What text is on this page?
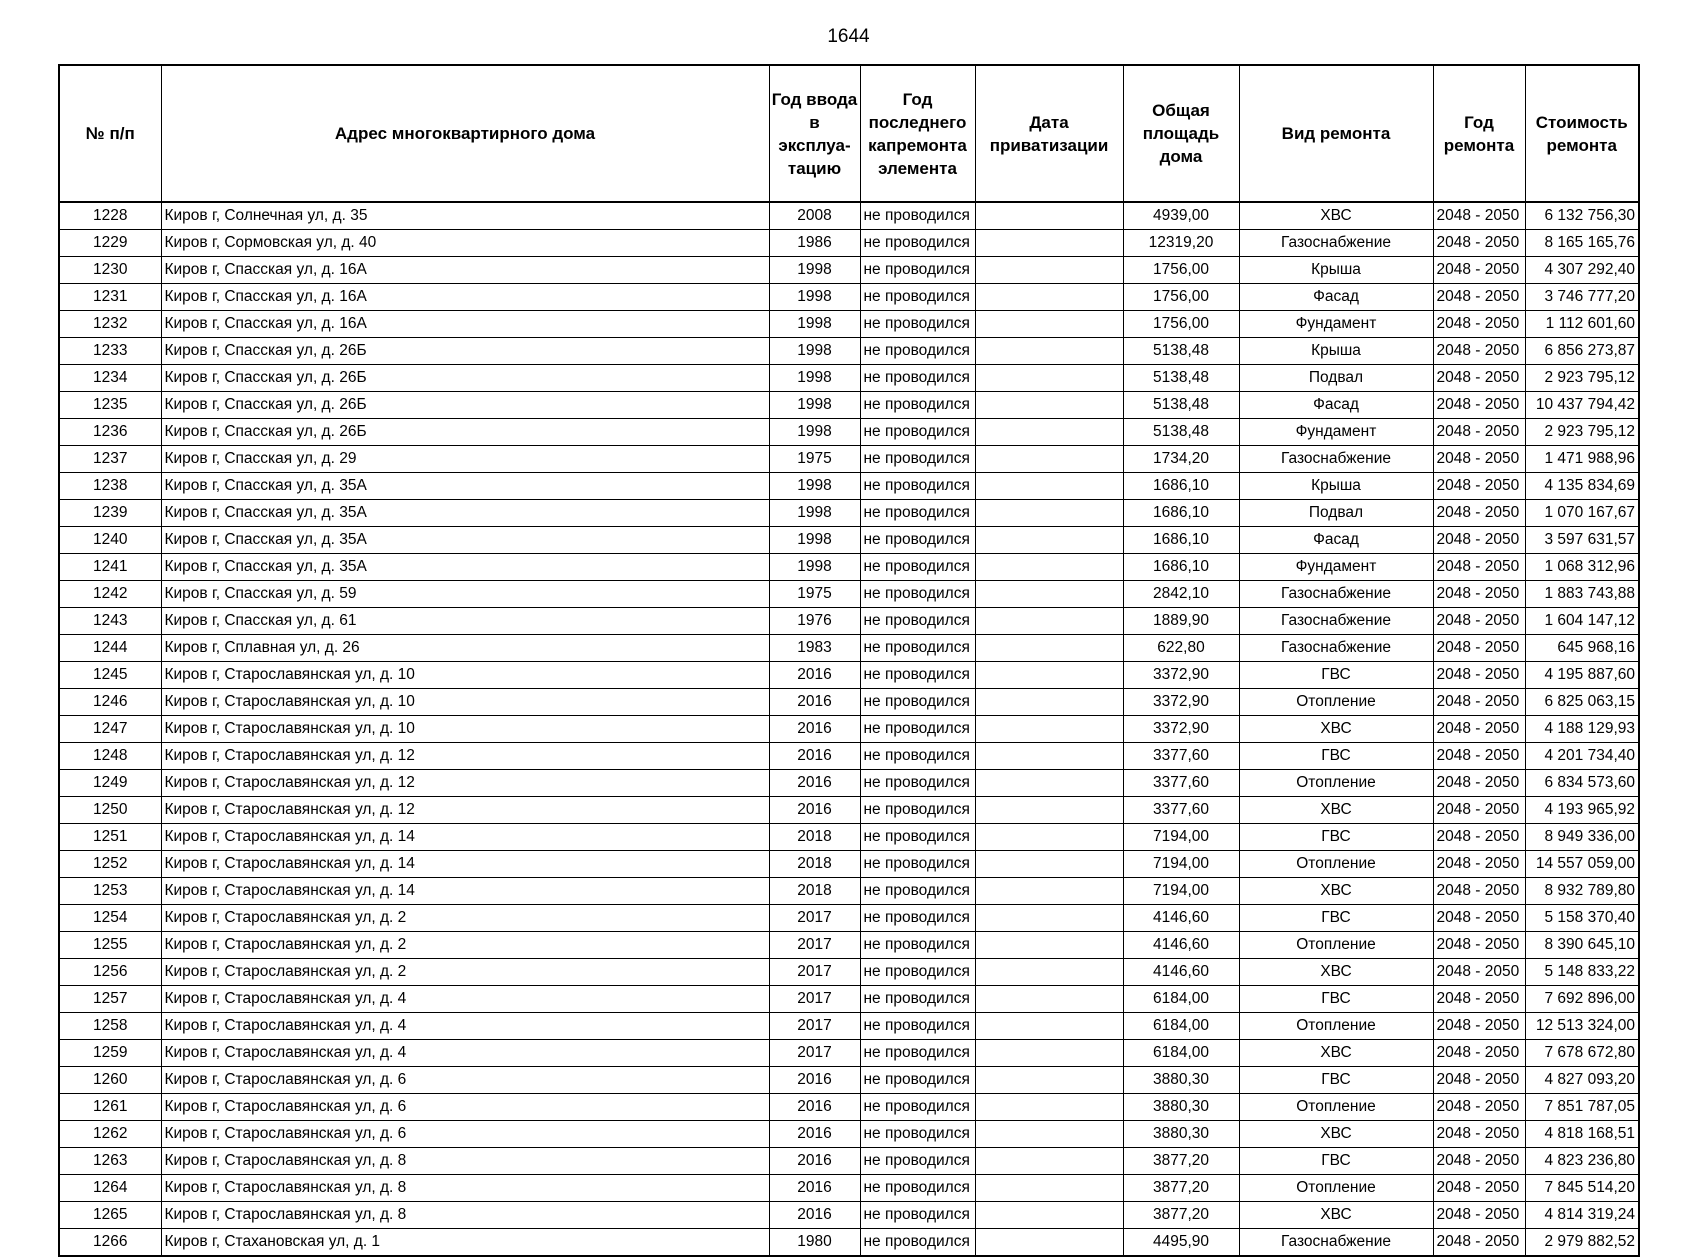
1644
№ п/п	Адрес многоквартирного дома	Год ввода в эксплуа-тацию	Год последнего капремонта элемента	Дата приватизации	Общая площадь дома	Вид ремонта	Год ремонта	Стоимость ремонта
1228	Киров г, Солнечная ул, д. 35	2008	не проводился		4939,00	ХВС	2048 - 2050	6 132 756,30
1229	Киров г, Сормовская ул, д. 40	1986	не проводился		12319,20	Газоснабжение	2048 - 2050	8 165 165,76
1230	Киров г, Спасская ул, д. 16А	1998	не проводился		1756,00	Крыша	2048 - 2050	4 307 292,40
1231	Киров г, Спасская ул, д. 16А	1998	не проводился		1756,00	Фасад	2048 - 2050	3 746 777,20
1232	Киров г, Спасская ул, д. 16А	1998	не проводился		1756,00	Фундамент	2048 - 2050	1 112 601,60
1233	Киров г, Спасская ул, д. 26Б	1998	не проводился		5138,48	Крыша	2048 - 2050	6 856 273,87
1234	Киров г, Спасская ул, д. 26Б	1998	не проводился		5138,48	Подвал	2048 - 2050	2 923 795,12
1235	Киров г, Спасская ул, д. 26Б	1998	не проводился		5138,48	Фасад	2048 - 2050	10 437 794,42
1236	Киров г, Спасская ул, д. 26Б	1998	не проводился		5138,48	Фундамент	2048 - 2050	2 923 795,12
1237	Киров г, Спасская ул, д. 29	1975	не проводился		1734,20	Газоснабжение	2048 - 2050	1 471 988,96
1238	Киров г, Спасская ул, д. 35А	1998	не проводился		1686,10	Крыша	2048 - 2050	4 135 834,69
1239	Киров г, Спасская ул, д. 35А	1998	не проводился		1686,10	Подвал	2048 - 2050	1 070 167,67
1240	Киров г, Спасская ул, д. 35А	1998	не проводился		1686,10	Фасад	2048 - 2050	3 597 631,57
1241	Киров г, Спасская ул, д. 35А	1998	не проводился		1686,10	Фундамент	2048 - 2050	1 068 312,96
1242	Киров г, Спасская ул, д. 59	1975	не проводился		2842,10	Газоснабжение	2048 - 2050	1 883 743,88
1243	Киров г, Спасская ул, д. 61	1976	не проводился		1889,90	Газоснабжение	2048 - 2050	1 604 147,12
1244	Киров г, Сплавная ул, д. 26	1983	не проводился		622,80	Газоснабжение	2048 - 2050	645 968,16
1245	Киров г, Старославянская ул, д. 10	2016	не проводился		3372,90	ГВС	2048 - 2050	4 195 887,60
1246	Киров г, Старославянская ул, д. 10	2016	не проводился		3372,90	Отопление	2048 - 2050	6 825 063,15
1247	Киров г, Старославянская ул, д. 10	2016	не проводился		3372,90	ХВС	2048 - 2050	4 188 129,93
1248	Киров г, Старославянская ул, д. 12	2016	не проводился		3377,60	ГВС	2048 - 2050	4 201 734,40
1249	Киров г, Старославянская ул, д. 12	2016	не проводился		3377,60	Отопление	2048 - 2050	6 834 573,60
1250	Киров г, Старославянская ул, д. 12	2016	не проводился		3377,60	ХВС	2048 - 2050	4 193 965,92
1251	Киров г, Старославянская ул, д. 14	2018	не проводился		7194,00	ГВС	2048 - 2050	8 949 336,00
1252	Киров г, Старославянская ул, д. 14	2018	не проводился		7194,00	Отопление	2048 - 2050	14 557 059,00
1253	Киров г, Старославянская ул, д. 14	2018	не проводился		7194,00	ХВС	2048 - 2050	8 932 789,80
1254	Киров г, Старославянская ул, д. 2	2017	не проводился		4146,60	ГВС	2048 - 2050	5 158 370,40
1255	Киров г, Старославянская ул, д. 2	2017	не проводился		4146,60	Отопление	2048 - 2050	8 390 645,10
1256	Киров г, Старославянская ул, д. 2	2017	не проводился		4146,60	ХВС	2048 - 2050	5 148 833,22
1257	Киров г, Старославянская ул, д. 4	2017	не проводился		6184,00	ГВС	2048 - 2050	7 692 896,00
1258	Киров г, Старославянская ул, д. 4	2017	не проводился		6184,00	Отопление	2048 - 2050	12 513 324,00
1259	Киров г, Старославянская ул, д. 4	2017	не проводился		6184,00	ХВС	2048 - 2050	7 678 672,80
1260	Киров г, Старославянская ул, д. 6	2016	не проводился		3880,30	ГВС	2048 - 2050	4 827 093,20
1261	Киров г, Старославянская ул, д. 6	2016	не проводился		3880,30	Отопление	2048 - 2050	7 851 787,05
1262	Киров г, Старославянская ул, д. 6	2016	не проводился		3880,30	ХВС	2048 - 2050	4 818 168,51
1263	Киров г, Старославянская ул, д. 8	2016	не проводился		3877,20	ГВС	2048 - 2050	4 823 236,80
1264	Киров г, Старославянская ул, д. 8	2016	не проводился		3877,20	Отопление	2048 - 2050	7 845 514,20
1265	Киров г, Старославянская ул, д. 8	2016	не проводился		3877,20	ХВС	2048 - 2050	4 814 319,24
1266	Киров г, Стахановская ул, д. 1	1980	не проводился		4495,90	Газоснабжение	2048 - 2050	2 979 882,52
